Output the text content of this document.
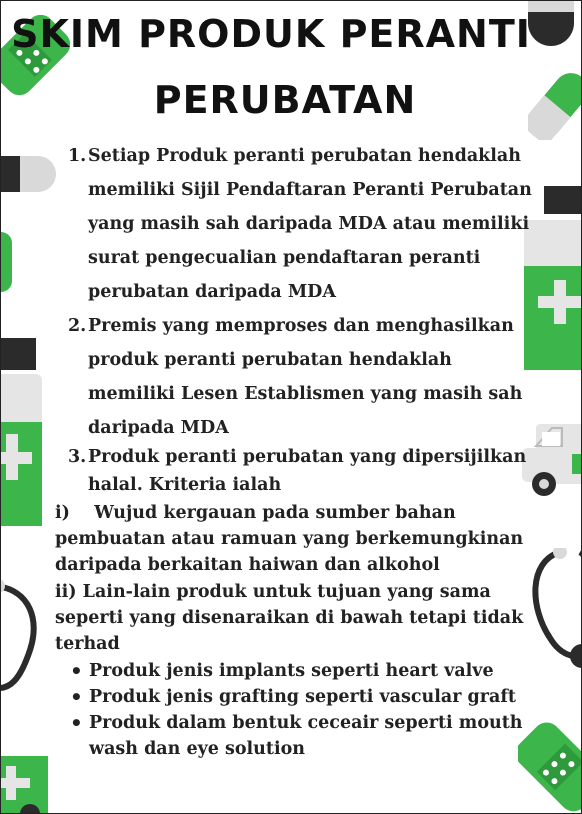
SKIM PRODUK PERANTI
PERUBATAN
1. Setiap Produk peranti perubatan hendaklah memiliki Sijil Pendaftaran Peranti Perubatan yang masih sah daripada MDA atau memiliki surat pengecualian pendaftaran peranti perubatan daripada MDA
2. Premis yang memproses dan menghasilkan produk peranti perubatan hendaklah memiliki Lesen Establismen yang masih sah daripada MDA
3. Produk peranti perubatan yang dipersijilkan halal. Kriteria ialah
i)    Wujud kergauan pada sumber bahan pembuatan atau ramuan yang berkemungkinan daripada berkaitan haiwan dan alkohol
ii) Lain-lain produk untuk tujuan yang sama seperti yang disenaraikan di bawah tetapi tidak terhad
• Produk jenis implants seperti heart valve
• Produk jenis grafting seperti vascular graft
• Produk dalam bentuk ceceair seperti mouth wash dan eye solution
